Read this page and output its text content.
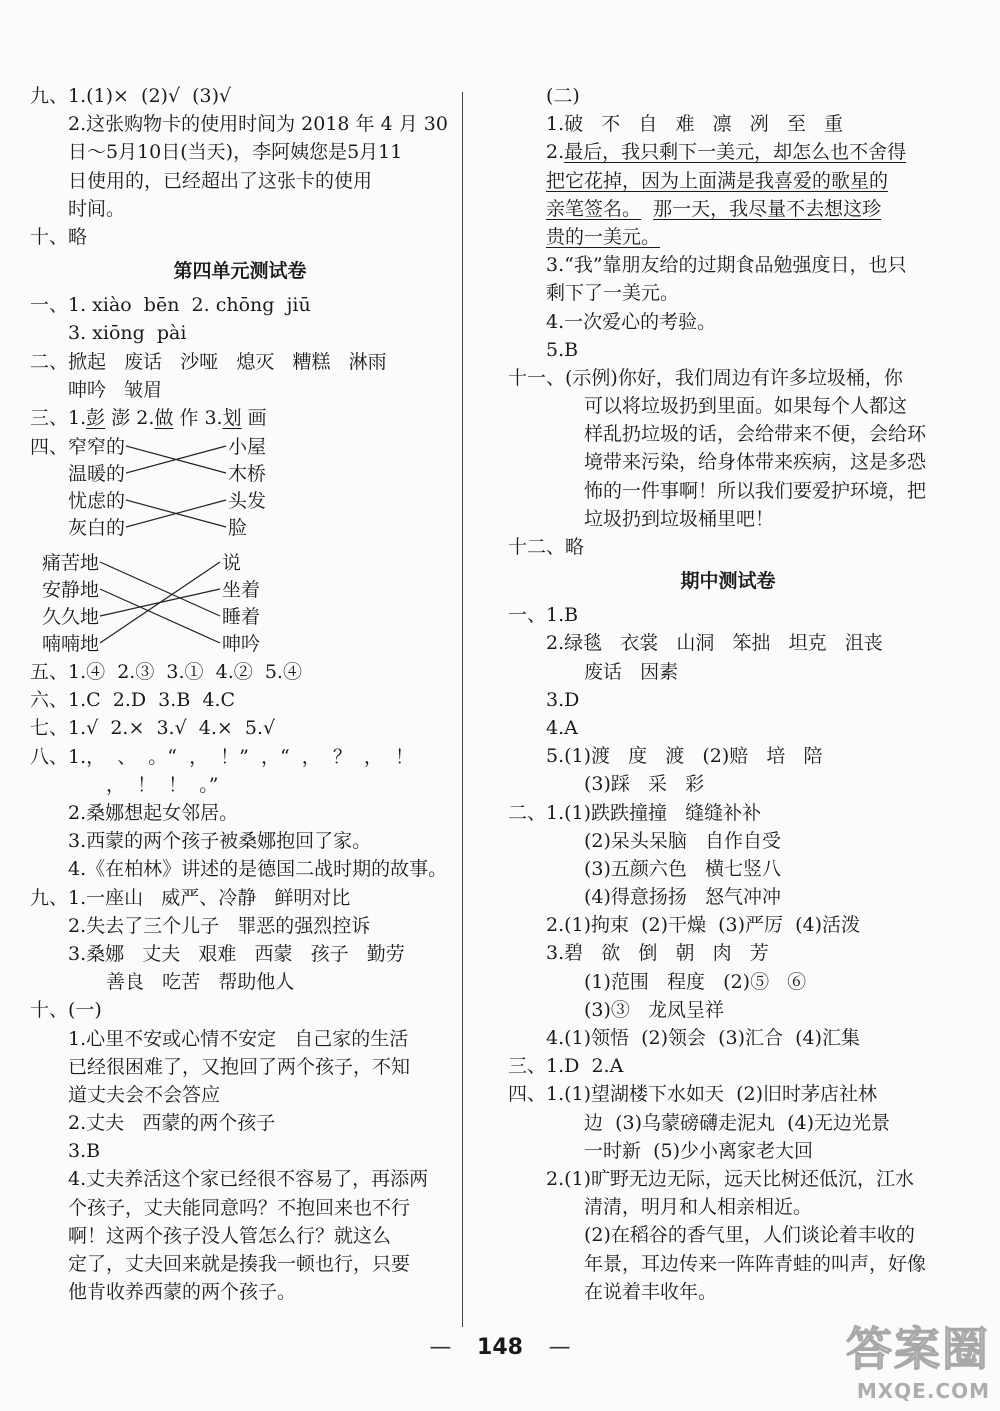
九、1.(1)×  (2)√  (3)√
2.这张购物卡的使用时间为 2018 年 4 月 30
日～5月10日(当天)，李阿姨您是5月11
日使用的，已经超出了这张卡的使用
时间。
十、略
第四单元测试卷
一、1. xiào  bēn  2. chōng  jiū
3. xiōng  pài
二、掀起   废话   沙哑   熄灭   糟糕   淋雨
呻吟   皱眉
三、1.彭 澎 2.做 作 3.划 画
四、 窄窄的
温暖的
忧虑的
灰白的
小屋
木桥
头发
脸
痛苦地
安静地
久久地
喃喃地
说
坐着
睡着
呻吟
五、1.④  2.③  3.①  4.②  5.④
六、1.C  2.D  3.B  4.C
七、1.√  2.×  3.√  4.×  5.√
八、1.，  、  。“  ，  ！”  ，“  ，  ？  ，  ！
，  ！  ！  。”
2.桑娜想起女邻居。
3.西蒙的两个孩子被桑娜抱回了家。
4.《在柏林》讲述的是德国二战时期的故事。
九、1.一座山   威严、冷静   鲜明对比
2.失去了三个儿子   罪恶的强烈控诉
3.桑娜   丈夫   艰难   西蒙   孩子   勤劳
善良   吃苦   帮助他人
十、(一)
1.心里不安或心情不安定   自己家的生活
已经很困难了，又抱回了两个孩子，不知
道丈夫会不会答应
2.丈夫   西蒙的两个孩子
3.B
4.丈夫养活这个家已经很不容易了，再添两
个孩子，丈夫能同意吗？不抱回来也不行
啊！这两个孩子没人管怎么行？就这么
定了，丈夫回来就是揍我一顿也行，只要
他肯收养西蒙的两个孩子。
(二)
1.破   不   自   难   凛   冽   至   重
2.最后，我只剩下一美元，却怎么也不舍得
把它花掉，因为上面满是我喜爱的歌星的
亲笔签名。 那一天，我尽量不去想这珍
贵的一美元。
3.“我”靠朋友给的过期食品勉强度日，也只
剩下了一美元。
4.一次爱心的考验。
5.B
十一、(示例)你好，我们周边有许多垃圾桶，你
可以将垃圾扔到里面。如果每个人都这
样乱扔垃圾的话，会给带来不便，会给环
境带来污染，给身体带来疾病，这是多恐
怖的一件事啊！所以我们要爱护环境，把
垃圾扔到垃圾桶里吧！
十二、略
期中测试卷
一、1.B
2.绿毯   衣裳   山洞   笨拙   坦克   沮丧
废话   因素
3.D
4.A
5.(1)渡   度   渡   (2)赔   培   陪
(3)踩   采   彩
二、1.(1)跌跌撞撞   缝缝补补
(2)呆头呆脑   自作自受
(3)五颜六色   横七竖八
(4)得意扬扬   怒气冲冲
2.(1)拘束  (2)干燥  (3)严厉  (4)活泼
3.碧   欲   倒   朝   肉   芳
(1)范围   程度   (2)⑤   ⑥
(3)③   龙凤呈祥
4.(1)领悟  (2)领会  (3)汇合  (4)汇集
三、1.D  2.A
四、1.(1)望湖楼下水如天  (2)旧时茅店社林
边  (3)乌蒙磅礴走泥丸  (4)无边光景
一时新  (5)少小离家老大回
2.(1)旷野无边无际，远天比树还低沉，江水
清清，明月和人相亲相近。
(2)在稻谷的香气里，人们谈论着丰收的
年景，耳边传来一阵阵青蛙的叫声，好像
在说着丰收年。
— 148 —	答案圈
MXQE.COM
